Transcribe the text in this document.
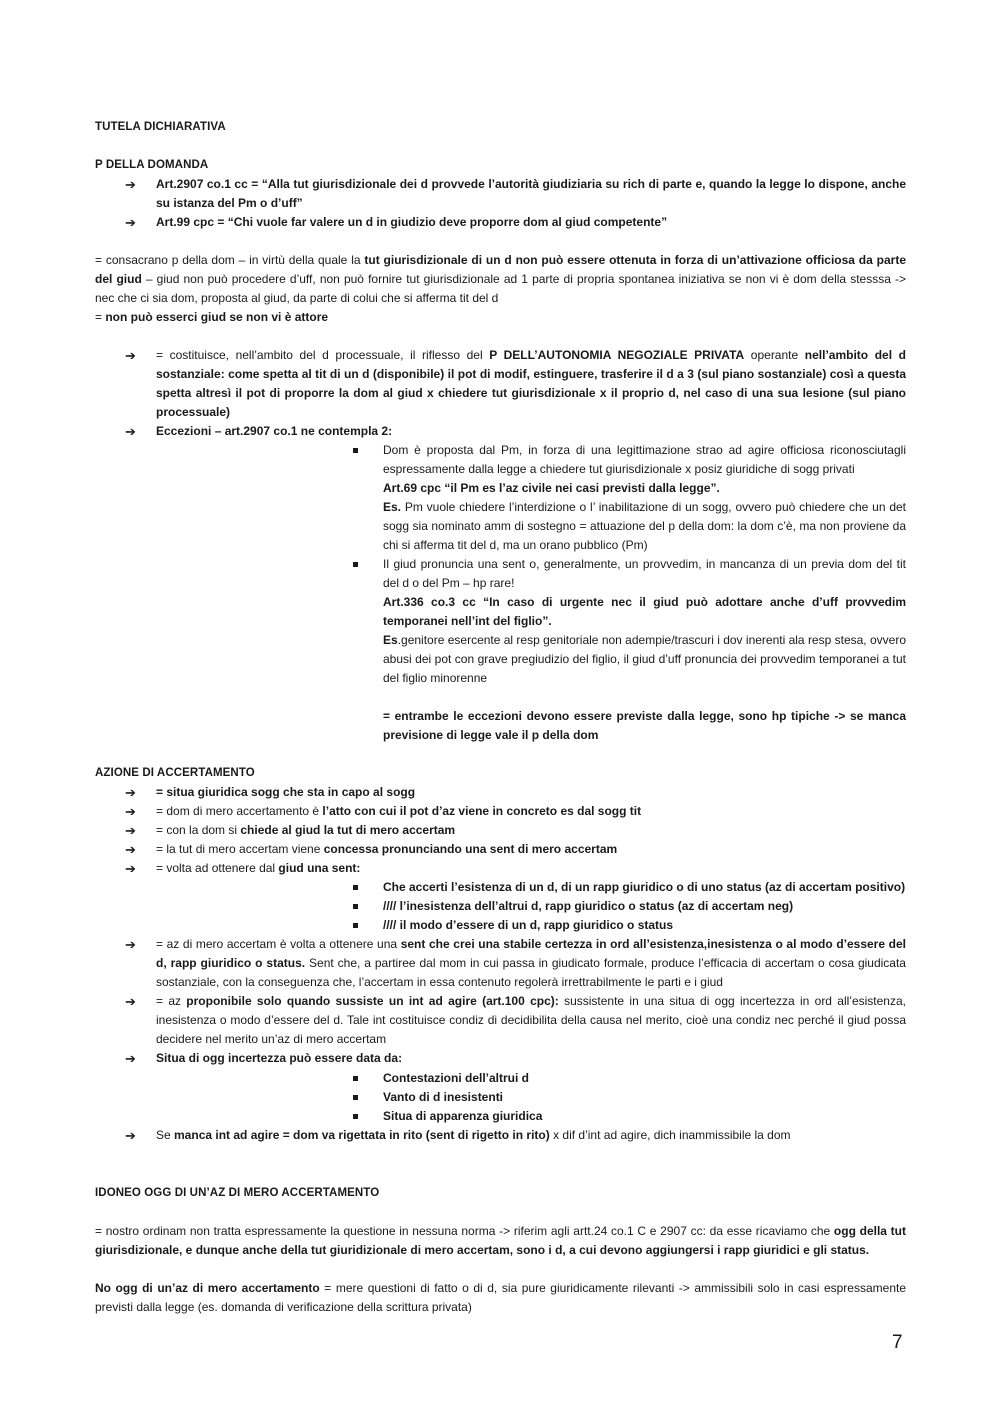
TUTELA DICHIARATIVA
P DELLA DOMANDA
➔ Art.2907 co.1 cc = “Alla tut giurisdizionale dei d provvede l’autorità giudiziaria su rich di parte e, quando la legge lo dispone, anche su istanza del Pm o d’uff”
➔ Art.99 cpc = “Chi vuole far valere un d in giudizio deve proporre dom al giud competente”
= consacrano p della dom – in virtù della quale la tut giurisdizionale di un d non può essere ottenuta in forza di un’attivazione officiosa da parte del giud – giud non può procedere d’uff, non può fornire tut giurisdizionale ad 1 parte di propria spontanea iniziativa se non vi è dom della stesssa -> nec che ci sia dom, proposta al giud, da parte di colui che si afferma tit del d
= non può esserci giud se non vi è attore
➔ = costituisce, nell’ambito del d processuale, il riflesso del P DELL’AUTONOMIA NEGOZIALE PRIVATA operante nell’ambito del d sostanziale: come spetta al tit di un d (disponibile) il pot di modif, estinguere, trasferire il d a 3 (sul piano sostanziale) così a questa spetta altresì il pot di proporre la dom al giud x chiedere tut giurisdizionale x il proprio d, nel caso di una sua lesione (sul piano processuale)
➔ Eccezioni – art.2907 co.1 ne contempla 2:
Dom è proposta dal Pm, in forza di una legittimazione strao ad agire officiosa riconosciutagli espressamente dalla legge a chiedere tut giurisdizionale x posiz giuridiche di sogg privati
Art.69 cpc “il Pm es l’az civile nei casi previsti dalla legge”.
Es. Pm vuole chiedere l’interdizione o l’ inabilitazione di un sogg, ovvero può chiedere che un det sogg sia nominato amm di sostegno = attuazione del p della dom: la dom c’è, ma non proviene da chi si afferma tit del d, ma un orano pubblico (Pm)
Il giud pronuncia una sent o, generalmente, un provvedim, in mancanza di un previa dom del tit del d o del Pm – hp rare!
Art.336 co.3 cc “In caso di urgente nec il giud può adottare anche d’uff provvedim temporanei nell’int del figlio”.
Es.genitore esercente al resp genitoriale non adempie/trascuri i dov inerenti ala resp stesa, ovvero abusi dei pot con grave pregiudizio del figlio, il giud d’uff pronuncia dei provvedim temporanei a tut del figlio minorenne
= entrambe le eccezioni devono essere previste dalla legge, sono hp tipiche -> se manca previsione di legge vale il p della dom
AZIONE DI ACCERTAMENTO
➔ = situa giuridica sogg che sta in capo al sogg
➔ = dom di mero accertamento è l’atto con cui il pot d’az viene in concreto es dal sogg tit
➔ = con la dom si chiede al giud la tut di mero accertam
➔ = la tut di mero accertam viene concessa pronunciando una sent di mero accertam
➔ = volta ad ottenere dal giud una sent:
Che accerti l’esistenza di un d, di un rapp giuridico o di uno status (az di accertam positivo)
//// l’inesistenza dell’altrui d, rapp giuridico o status (az di accertam neg)
//// il modo d’essere di un d, rapp giuridico o status
➔ = az di mero accertam è volta a ottenere una sent che crei una stabile certezza in ord all’esistenza,inesistenza o al modo d’essere del d, rapp giuridico o status. Sent che, a partiree dal mom in cui passa in giudicato formale, produce l’efficacia di accertam o cosa giudicata sostanziale, con la conseguenza che, l’accertam in essa contenuto regolerà irrettrabilmente le parti e i giud
➔ = az proponibile solo quando sussiste un int ad agire (art.100 cpc): sussistente in una situa di ogg incertezza in ord all’esistenza, inesistenza o modo d’essere del d. Tale int costituisce condiz di decidibilita della causa nel merito, cioè una condiz nec perché il giud possa decidere nel merito un’az di mero accertam
➔ Situa di ogg incertezza può essere data da:
Contestazioni dell’altrui d
Vanto di d inesistenti
Situa di apparenza giuridica
➔ Se manca int ad agire = dom va rigettata in rito (sent di rigetto in rito) x dif d’int ad agire, dich inammissibile la dom
IDONEO OGG DI UN’AZ DI MERO ACCERTAMENTO
= nostro ordinam non tratta espressamente la questione in nessuna norma -> riferim agli artt.24 co.1 C e 2907 cc: da esse ricaviamo che ogg della tut giurisdizionale, e dunque anche della tut giuridizionale di mero accertam, sono i d, a cui devono aggiungersi i rapp giuridici e gli status.
No ogg di un’az di mero accertamento = mere questioni di fatto o di d, sia pure giuridicamente rilevanti -> ammissibili solo in casi espressamente previsti dalla legge (es. domanda di verificazione della scrittura privata)
7
